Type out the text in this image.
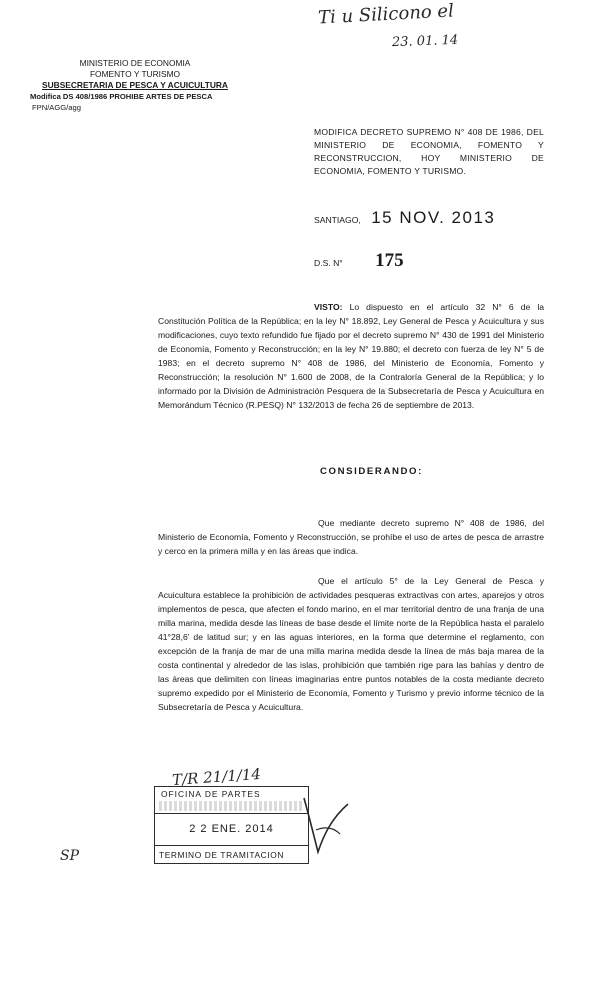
Ti u Silicono el
23. 01. 14
MINISTERIO DE ECONOMIA
FOMENTO Y TURISMO
SUBSECRETARIA DE PESCA Y ACUICULTURA
Modifica DS 408/1986 PROHIBE ARTES DE PESCA
FPN/AGG/agg
MODIFICA DECRETO SUPREMO N° 408 DE 1986, DEL MINISTERIO DE ECONOMIA, FOMENTO Y RECONSTRUCCION, HOY MINISTERIO DE ECONOMIA, FOMENTO Y TURISMO.
SANTIAGO, 15 NOV. 2013
D.S. N° 175
VISTO: Lo dispuesto en el artículo 32 N° 6 de la Constitución Política de la República; en la ley N° 18.892, Ley General de Pesca y Acuicultura y sus modificaciones, cuyo texto refundido fue fijado por el decreto supremo N° 430 de 1991 del Ministerio de Economía, Fomento y Reconstrucción; en la ley N° 19.880; el decreto con fuerza de ley N° 5 de 1983; en el decreto supremo N° 408 de 1986, del Ministerio de Economía, Fomento y Reconstrucción; la resolución N° 1.600 de 2008, de la Contraloría General de la República; y lo informado por la División de Administración Pesquera de la Subsecretaría de Pesca y Acuicultura en Memorándum Técnico (R.PESQ) N° 132/2013 de fecha 26 de septiembre de 2013.
CONSIDERANDO:
Que mediante decreto supremo N° 408 de 1986, del Ministerio de Economía, Fomento y Reconstrucción, se prohíbe el uso de artes de pesca de arrastre y cerco en la primera milla y en las áreas que indica.
Que el artículo 5° de la Ley General de Pesca y Acuicultura establece la prohibición de actividades pesqueras extractivas con artes, aparejos y otros implementos de pesca, que afecten el fondo marino, en el mar territorial dentro de una franja de una milla marina, medida desde las líneas de base desde el límite norte de la República hasta el paralelo 41°28,6' de latitud sur; y en las aguas interiores, en la forma que determine el reglamento, con excepción de la franja de mar de una milla marina medida desde la línea de más baja marea de la costa continental y alrededor de las islas, prohibición que también rige para las bahías y dentro de las áreas que delimiten con líneas imaginarias entre puntos notables de la costa mediante decreto supremo expedido por el Ministerio de Economía, Fomento y Turismo y previo informe técnico de la Subsecretaría de Pesca y Acuicultura.
T/R 21/1/14
OFICINA DE PARTES
2 2 ENE. 2014
TERMINO DE TRAMITACION
SP
